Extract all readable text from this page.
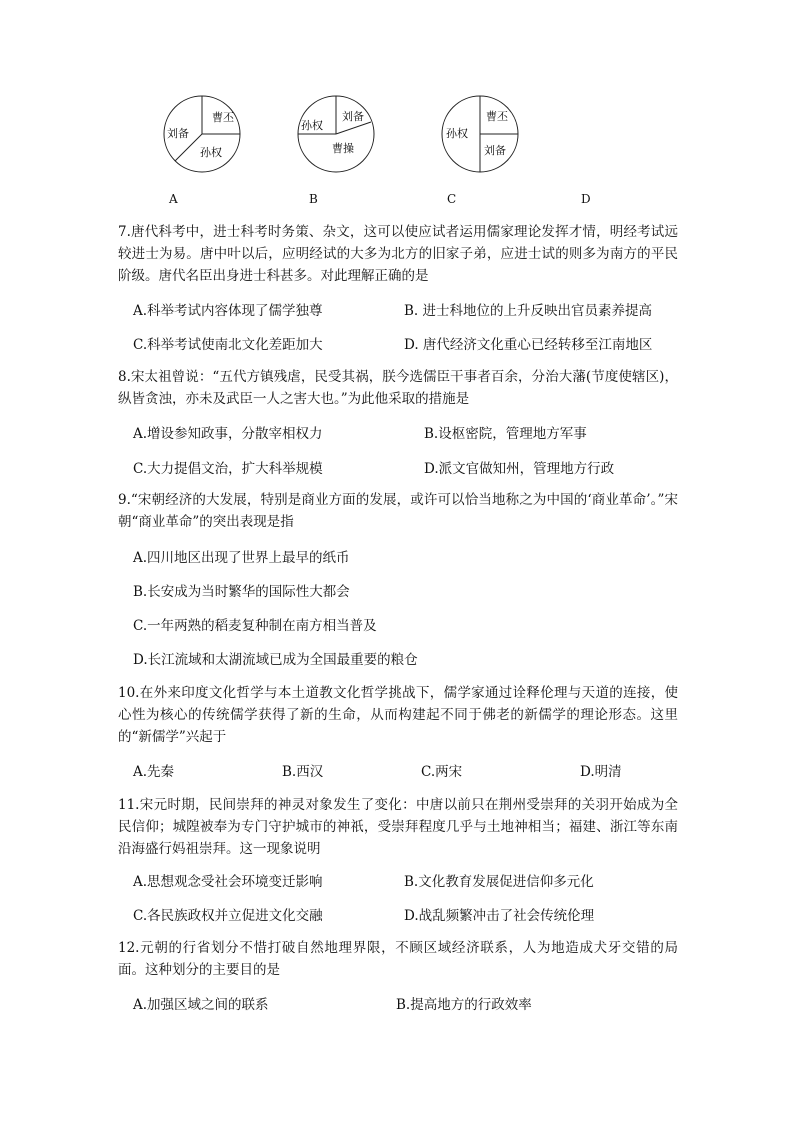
曹丕
刘备
孙权
刘备
孙权
曹操
曹丕
孙权
刘备
A	B	C	D
7.唐代科考中，进士科考时务策、杂文，这可以使应试者运用儒家理论发挥才情，明经考试远较进士为易。唐中叶以后，应明经试的大多为北方的旧家子弟，应进士试的则多为南方的平民阶级。唐代名臣出身进士科甚多。对此理解正确的是
A.科举考试内容体现了儒学独尊	B. 进士科地位的上升反映出官员素养提高
C.科举考试使南北文化差距加大	D. 唐代经济文化重心已经转移至江南地区
8.宋太祖曾说：“五代方镇残虐，民受其祸，朕今选儒臣干事者百余，分治大藩(节度使辖区)，纵皆贪浊，亦未及武臣一人之害大也。”为此他采取的措施是
A.增设参知政事，分散宰相权力	B.设枢密院，管理地方军事
C.大力提倡文治，扩大科举规模	D.派文官做知州，管理地方行政
9.“宋朝经济的大发展，特别是商业方面的发展，或许可以恰当地称之为中国的‘商业革命’。”宋朝“商业革命”的突出表现是指
A.四川地区出现了世界上最早的纸币
B.长安成为当时繁华的国际性大都会
C.一年两熟的稻麦复种制在南方相当普及
D.长江流域和太湖流域已成为全国最重要的粮仓
10.在外来印度文化哲学与本土道教文化哲学挑战下，儒学家通过诠释伦理与天道的连接，使心性为核心的传统儒学获得了新的生命，从而构建起不同于佛老的新儒学的理论形态。这里的“新儒学”兴起于
A.先秦	B.西汉	C.两宋	D.明清
11.宋元时期，民间崇拜的神灵对象发生了变化：中唐以前只在荆州受崇拜的关羽开始成为全民信仰；城隍被奉为专门守护城市的神祇，受崇拜程度几乎与土地神相当；福建、浙江等东南沿海盛行妈祖崇拜。这一现象说明
A.思想观念受社会环境变迁影响	B.文化教育发展促进信仰多元化
C.各民族政权并立促进文化交融	D.战乱频繁冲击了社会传统伦理
12.元朝的行省划分不惜打破自然地理界限，不顾区域经济联系，人为地造成犬牙交错的局面。这种划分的主要目的是
A.加强区域之间的联系	B.提高地方的行政效率
